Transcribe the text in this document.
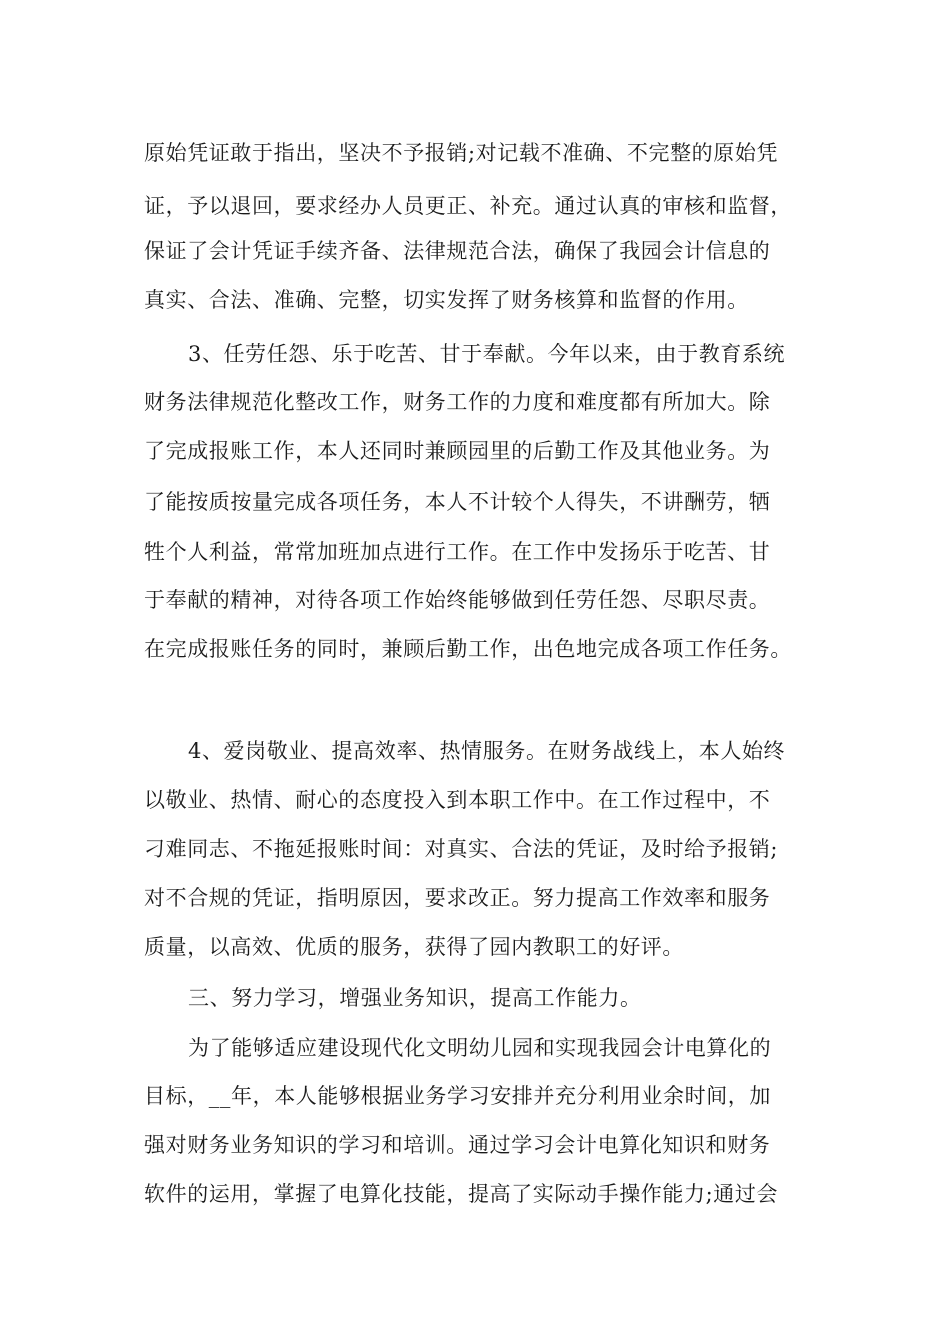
原始凭证敢于指出，坚决不予报销;对记载不准确、不完整的原始凭
证，予以退回，要求经办人员更正、补充。通过认真的审核和监督，
保证了会计凭证手续齐备、法律规范合法，确保了我园会计信息的
真实、合法、准确、完整，切实发挥了财务核算和监督的作用。
3、任劳任怨、乐于吃苦、甘于奉献。今年以来，由于教育系统
财务法律规范化整改工作，财务工作的力度和难度都有所加大。除
了完成报账工作，本人还同时兼顾园里的后勤工作及其他业务。为
了能按质按量完成各项任务，本人不计较个人得失，不讲酬劳，牺
牲个人利益，常常加班加点进行工作。在工作中发扬乐于吃苦、甘
于奉献的精神，对待各项工作始终能够做到任劳任怨、尽职尽责。
在完成报账任务的同时，兼顾后勤工作，出色地完成各项工作任务。
4、爱岗敬业、提高效率、热情服务。在财务战线上，本人始终
以敬业、热情、耐心的态度投入到本职工作中。在工作过程中，不
刁难同志、不拖延报账时间：对真实、合法的凭证，及时给予报销;
对不合规的凭证，指明原因，要求改正。努力提高工作效率和服务
质量，以高效、优质的服务，获得了园内教职工的好评。
三、努力学习，增强业务知识，提高工作能力。
为了能够适应建设现代化文明幼儿园和实现我园会计电算化的
目标，__年，本人能够根据业务学习安排并充分利用业余时间，加
强对财务业务知识的学习和培训。通过学习会计电算化知识和财务
软件的运用，掌握了电算化技能，提高了实际动手操作能力;通过会
